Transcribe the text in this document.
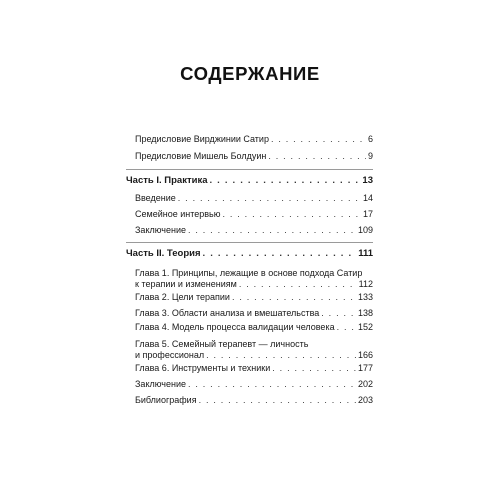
СОДЕРЖАНИЕ
Предисловие Вирджинии Сатир . . .	6
Предисловие Мишель Болдуин . . .	9
Часть I. Практика . . .	13
Введение . . .	14
Семейное интервью . . .	17
Заключение . . .	109
Часть II. Теория . . .	111
Глава 1. Принципы, лежащие в основе подхода Сатир
к терапии и изменениям . . .	112
Глава 2. Цели терапии . . .	133
Глава 3. Области анализа и вмешательства . . .	138
Глава 4. Модель процесса валидации человека . . .	152
Глава 5. Семейный терапевт — личность
и профессионал . . .	166
Глава 6. Инструменты и техники . . .	177
Заключение . . .	202
Библиография . . .	203
